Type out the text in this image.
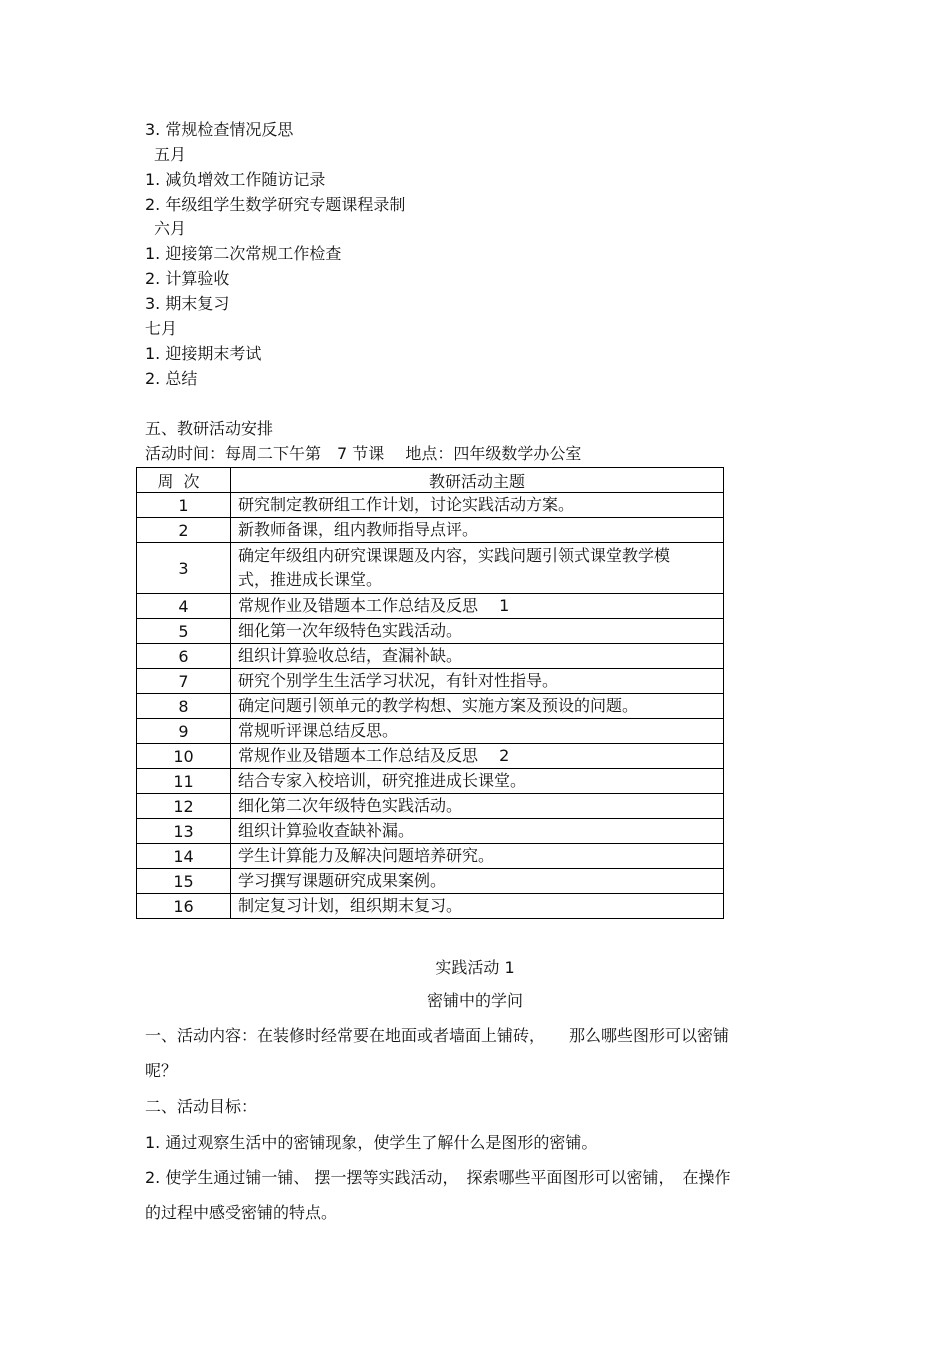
3. 常规检查情况反思
五月
1. 减负增效工作随访记录
2. 年级组学生数学研究专题课程录制
六月
1. 迎接第二次常规工作检查
2. 计算验收
3. 期末复习
七月
1. 迎接期末考试
2. 总结
五、教研活动安排
活动时间：每周二下午第　7 节课　 地点：四年级数学办公室
周次	教研活动主题
1	研究制定教研组工作计划，讨论实践活动方案。
2	新教师备课，组内教师指导点评。
3	确定年级组内研究课课题及内容，实践问题引领式课堂教学模式，推进成长课堂。
4	常规作业及错题本工作总结及反思　 1
5	细化第一次年级特色实践活动。
6	组织计算验收总结，查漏补缺。
7	研究个别学生生活学习状况，有针对性指导。
8	确定问题引领单元的教学构想、实施方案及预设的问题。
9	常规听评课总结反思。
10	常规作业及错题本工作总结及反思　 2
11	结合专家入校培训，研究推进成长课堂。
12	细化第二次年级特色实践活动。
13	组织计算验收查缺补漏。
14	学生计算能力及解决问题培养研究。
15	学习撰写课题研究成果案例。
16	制定复习计划，组织期末复习。
实践活动 1
密铺中的学问
一、活动内容：在装修时经常要在地面或者墙面上铺砖，　　那么哪些图形可以密铺
呢？
二、活动目标：
1. 通过观察生活中的密铺现象，使学生了解什么是图形的密铺。
2. 使学生通过铺一铺、 摆一摆等实践活动，　探索哪些平面图形可以密铺，　在操作
的过程中感受密铺的特点。
